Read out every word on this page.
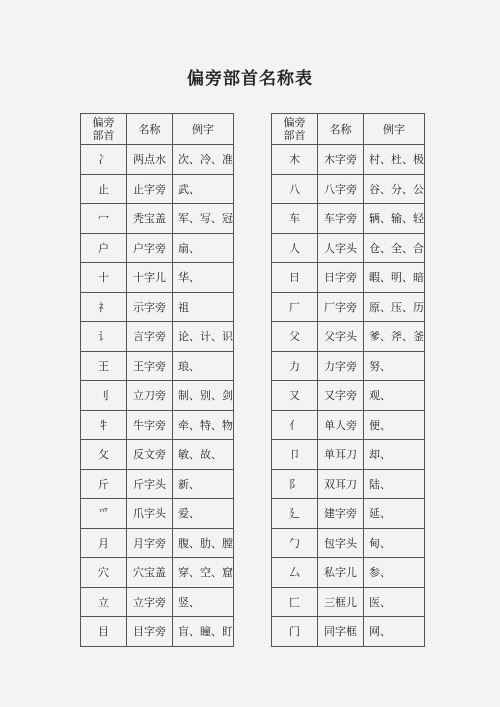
偏旁部首名称表
偏旁部首	名称	例字
冫	两点水	次、冷、准
止	止字旁	武、
冖	秃宝盖	军、写、冠
户	户字旁	扇、
十	十字儿	华、
礻	示字旁	祖
讠	言字旁	论、计、识
王	王字旁	琅、
刂	立刀旁	制、别、剑
牜	牛字旁	牵、特、物
攵	反文旁	敏、故、
斤	斤字头	新、
爫	爪字头	爱、
月	月字旁	腹、肋、膛
穴	穴宝盖	穿、空、窟
立	立字旁	竖、
目	目字旁	盲、瞳、盯
偏旁部首	名称	例字
木	木字旁	村、杜、极
八	八字旁	谷、分、公
车	车字旁	辆、输、轻
人	人字头	仓、全、合
日	日字旁	暇、明、暗
厂	厂字旁	原、压、历
父	父字头	爹、斧、釜
力	力字旁	努、
又	又字旁	观、
亻	单人旁	便、
卩	单耳刀	却、
阝	双耳刀	陆、
廴	建字旁	延、
勹	包字头	甸、
厶	私字儿	参、
匚	三框儿	医、
门	同字框	网、
